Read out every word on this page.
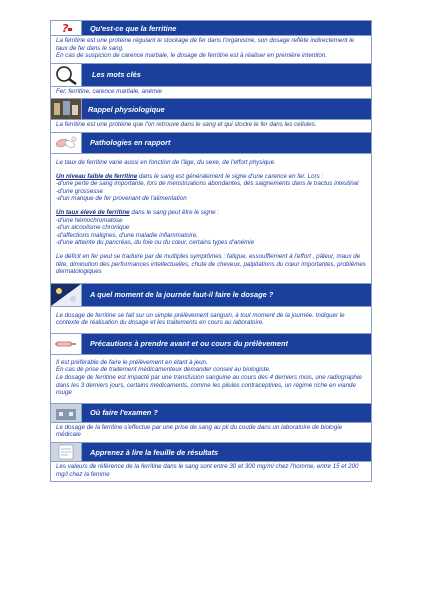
?	Qu'est-ce que la ferritine

La ferritine est une protéine régulant le stockage de fer dans l'organisme, son dosage reflète indirectement le taux de fer dans le sang.

En cas de suspicion de carence martiale, le dosage de ferritine est à réaliser en première intention.

Les mots clés

Fer, ferritine, carence martiale, anémie

Rappel physiologique

La ferritine est une protéine que l'on retrouve dans le sang et qui stocke le fer dans les cellules.

Pathologies en rapport

Le taux de ferritine varie aussi en fonction de l'âge, du sexe, de l'effort physique.

Un niveau faible de ferritine dans le sang est généralement le signe d'une carence en fer. Lors :

-d'une perte de sang importante, lors de menstruations abondantes, des saignements dans le tractus intestinal

-d'une grossesse

-d'un manque de fer provenant de l'alimentation

Un taux élevé de ferritine dans le sang peut être le signe :

-d'une hémochromatose

-d'un alcoolisme chronique

-d'affections malignes, d'une maladie inflammatoire,

-d'une atteinte du pancréas, du foie ou du cœur, certains types d'anémie

Le déficit en fer peut se traduire par de multiples symptômes : fatigue, essoufflement à l'effort , pâleur, maux de tête, diminution des performances intellectuelles, chute de cheveux, palpitations du cœur importantes, problèmes dermatologiques

A quel moment de la journée faut-il faire le dosage ?

Le dosage de ferritine se fait sur un simple prélèvement sanguin, à tout moment de la journée. Indiquer le contexte de réalisation du dosage et les traitements en cours au laboratoire.

Précautions à prendre avant et ou cours du prélèvement

Il est préférable de faire le prélèvement en étant à jeun.

En cas de prise de traitement médicamenteux demander conseil au biologiste.

Le dosage de ferritine est impacté par une transfusion sanguine au cours des 4 derniers mois, une radiographie dans les 3 derniers jours, certains médicaments, comme les pilules contraceptives, un régime riche en viande rouge

Où faire l'examen ?

Le dosage de la ferritine s'effectue par une prise de sang au pli du coude dans un laboratoire de biologie médicale

Apprenez à lire la feuille de résultats

Les valeurs de référence de la ferritine dans le sang sont entre 30 et 300 mg/ml chez l'homme, entre 15 et 200 mg/l chez la femme
